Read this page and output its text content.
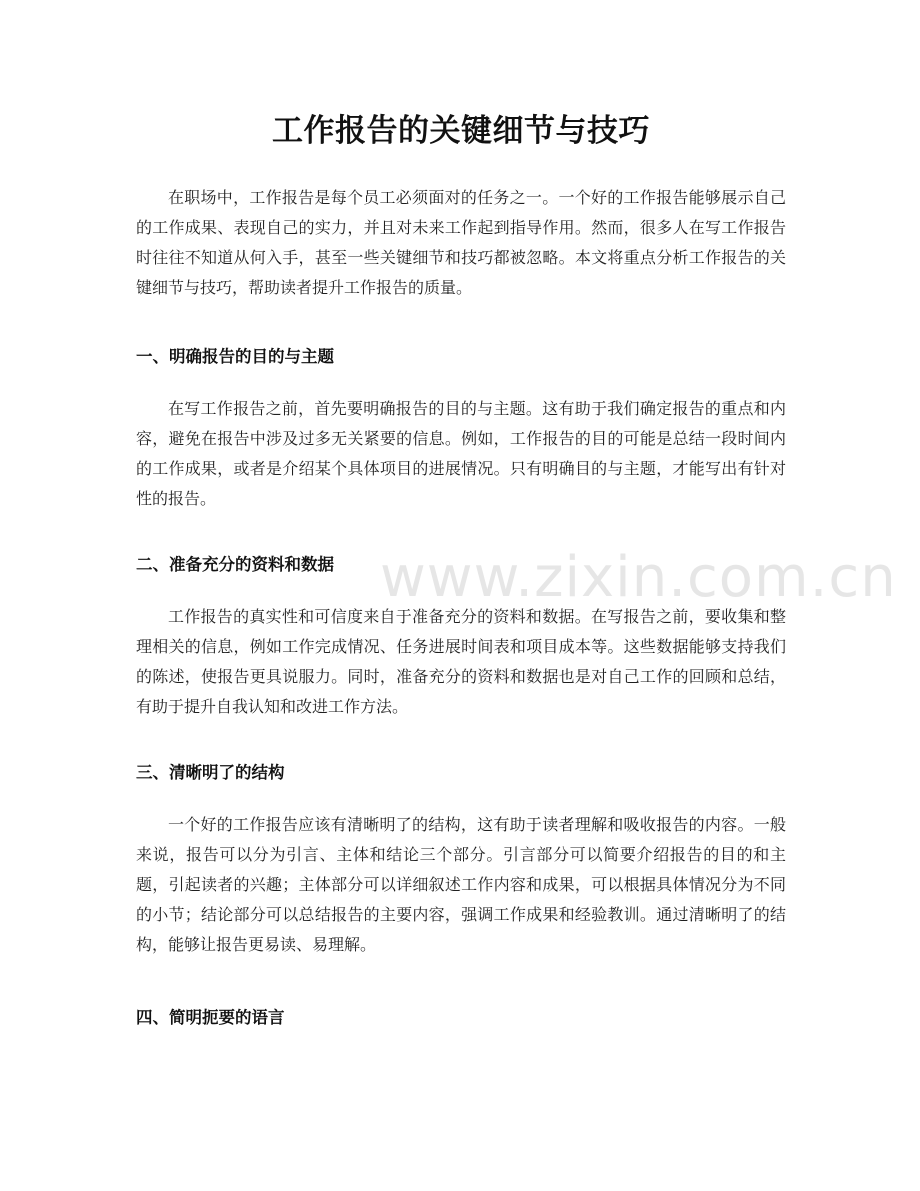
工作报告的关键细节与技巧

在职场中，工作报告是每个员工必须面对的任务之一。一个好的工作报告能够展示自己的工作成果、表现自己的实力，并且对未来工作起到指导作用。然而，很多人在写工作报告时往往不知道从何入手，甚至一些关键细节和技巧都被忽略。本文将重点分析工作报告的关键细节与技巧，帮助读者提升工作报告的质量。

一、明确报告的目的与主题

在写工作报告之前，首先要明确报告的目的与主题。这有助于我们确定报告的重点和内容，避免在报告中涉及过多无关紧要的信息。例如，工作报告的目的可能是总结一段时间内的工作成果，或者是介绍某个具体项目的进展情况。只有明确目的与主题，才能写出有针对性的报告。

二、准备充分的资料和数据

工作报告的真实性和可信度来自于准备充分的资料和数据。在写报告之前，要收集和整理相关的信息，例如工作完成情况、任务进展时间表和项目成本等。这些数据能够支持我们的陈述，使报告更具说服力。同时，准备充分的资料和数据也是对自己工作的回顾和总结，有助于提升自我认知和改进工作方法。

三、清晰明了的结构

一个好的工作报告应该有清晰明了的结构，这有助于读者理解和吸收报告的内容。一般来说，报告可以分为引言、主体和结论三个部分。引言部分可以简要介绍报告的目的和主题，引起读者的兴趣；主体部分可以详细叙述工作内容和成果，可以根据具体情况分为不同的小节；结论部分可以总结报告的主要内容，强调工作成果和经验教训。通过清晰明了的结构，能够让报告更易读、易理解。

四、简明扼要的语言
www.zixin.com.cn
